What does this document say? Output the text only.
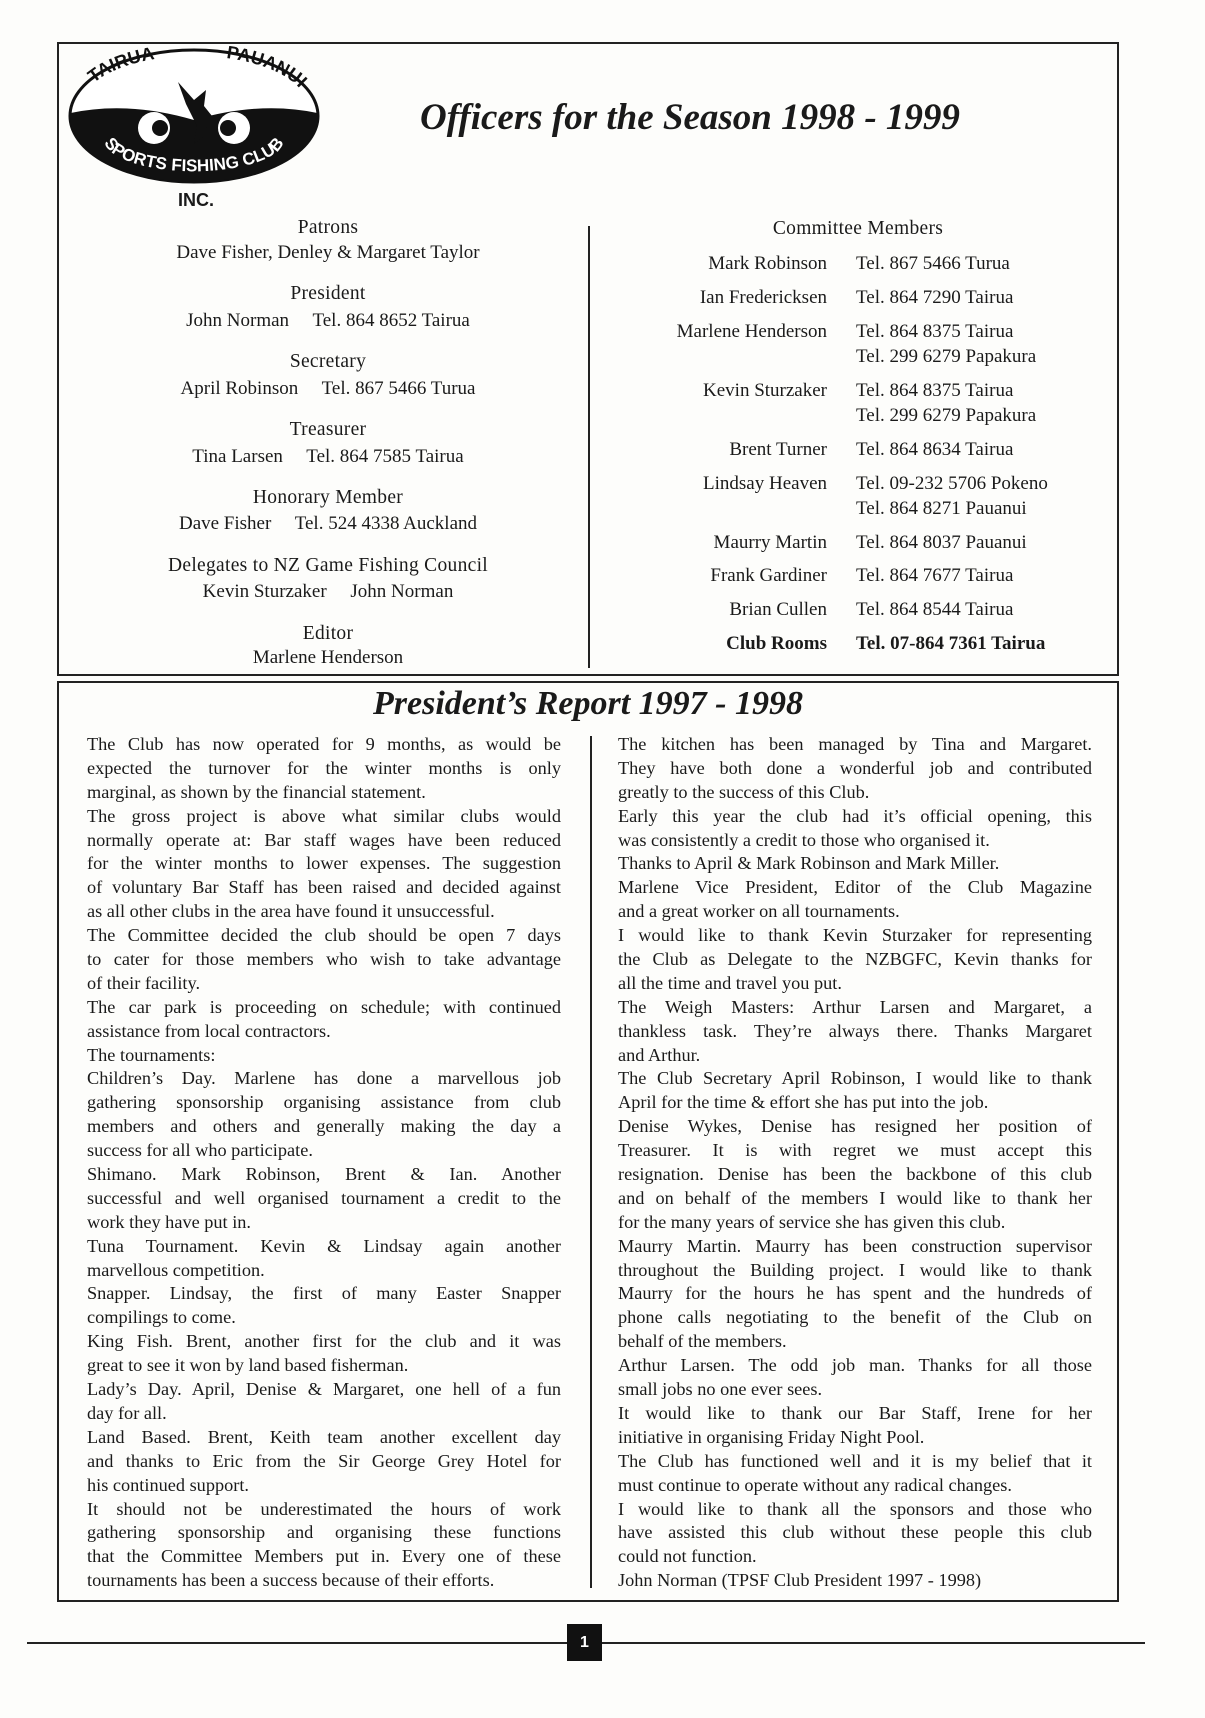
TAIRUA	PAUANUI
SPORTS FISHING CLUB
INC.
Officers for the Season 1998 - 1999
Patrons
Dave Fisher, Denley & Margaret Taylor
President
John Norman     Tel. 864 8652 Tairua
Secretary
April Robinson     Tel. 867 5466 Turua
Treasurer
Tina Larsen     Tel. 864 7585 Tairua
Honorary Member
Dave Fisher     Tel. 524 4338 Auckland
Delegates to NZ Game Fishing Council
Kevin Sturzaker     John Norman
Editor
Marlene Henderson
Committee Members
Mark Robinson Tel. 867 5466 Turua
Ian Fredericksen Tel. 864 7290 Tairua
Marlene Henderson Tel. 864 8375 Tairua
Tel. 299 6279 Papakura
Kevin Sturzaker Tel. 864 8375 Tairua
Tel. 299 6279 Papakura
Brent Turner Tel. 864 8634 Tairua
Lindsay Heaven Tel. 09-232 5706 Pokeno
Tel. 864 8271 Pauanui
Maurry Martin Tel. 864 8037 Pauanui
Frank Gardiner Tel. 864 7677 Tairua
Brian Cullen Tel. 864 8544 Tairua
Club Rooms Tel. 07-864 7361 Tairua
President’s Report 1997 - 1998
The Club has now operated for 9 months, as would be
expected the turnover for the winter months is only
marginal, as shown by the financial statement.
The gross project is above what similar clubs would
normally operate at: Bar staff wages have been reduced
for the winter months to lower expenses. The suggestion
of voluntary Bar Staff has been raised and decided against
as all other clubs in the area have found it unsuccessful.
The Committee decided the club should be open 7 days
to cater for those members who wish to take advantage
of their facility.
The car park is proceeding on schedule; with continued
assistance from local contractors.
The tournaments:
Children’s Day. Marlene has done a marvellous job
gathering sponsorship organising assistance from club
members and others and generally making the day a
success for all who participate.
Shimano. Mark Robinson, Brent & Ian. Another
successful and well organised tournament a credit to the
work they have put in.
Tuna Tournament. Kevin & Lindsay again another
marvellous competition.
Snapper. Lindsay, the first of many Easter Snapper
compilings to come.
King Fish. Brent, another first for the club and it was
great to see it won by land based fisherman.
Lady’s Day. April, Denise & Margaret, one hell of a fun
day for all.
Land Based. Brent, Keith team another excellent day
and thanks to Eric from the Sir George Grey Hotel for
his continued support.
It should not be underestimated the hours of work
gathering sponsorship and organising these functions
that the Committee Members put in. Every one of these
tournaments has been a success because of their efforts.
The kitchen has been managed by Tina and Margaret.
They have both done a wonderful job and contributed
greatly to the success of this Club.
Early this year the club had it’s official opening, this
was consistently a credit to those who organised it.
Thanks to April & Mark Robinson and Mark Miller.
Marlene Vice President, Editor of the Club Magazine
and a great worker on all tournaments.
I would like to thank Kevin Sturzaker for representing
the Club as Delegate to the NZBGFC, Kevin thanks for
all the time and travel you put.
The Weigh Masters: Arthur Larsen and Margaret, a
thankless task. They’re always there. Thanks Margaret
and Arthur.
The Club Secretary April Robinson, I would like to thank
April for the time & effort she has put into the job.
Denise Wykes, Denise has resigned her position of
Treasurer. It is with regret we must accept this
resignation. Denise has been the backbone of this club
and on behalf of the members I would like to thank her
for the many years of service she has given this club.
Maurry Martin. Maurry has been construction supervisor
throughout the Building project. I would like to thank
Maurry for the hours he has spent and the hundreds of
phone calls negotiating to the benefit of the Club on
behalf of the members.
Arthur Larsen. The odd job man. Thanks for all those
small jobs no one ever sees.
It would like to thank our Bar Staff, Irene for her
initiative in organising Friday Night Pool.
The Club has functioned well and it is my belief that it
must continue to operate without any radical changes.
I would like to thank all the sponsors and those who
have assisted this club without these people this club
could not function.
John Norman (TPSF Club President 1997 - 1998)
1
